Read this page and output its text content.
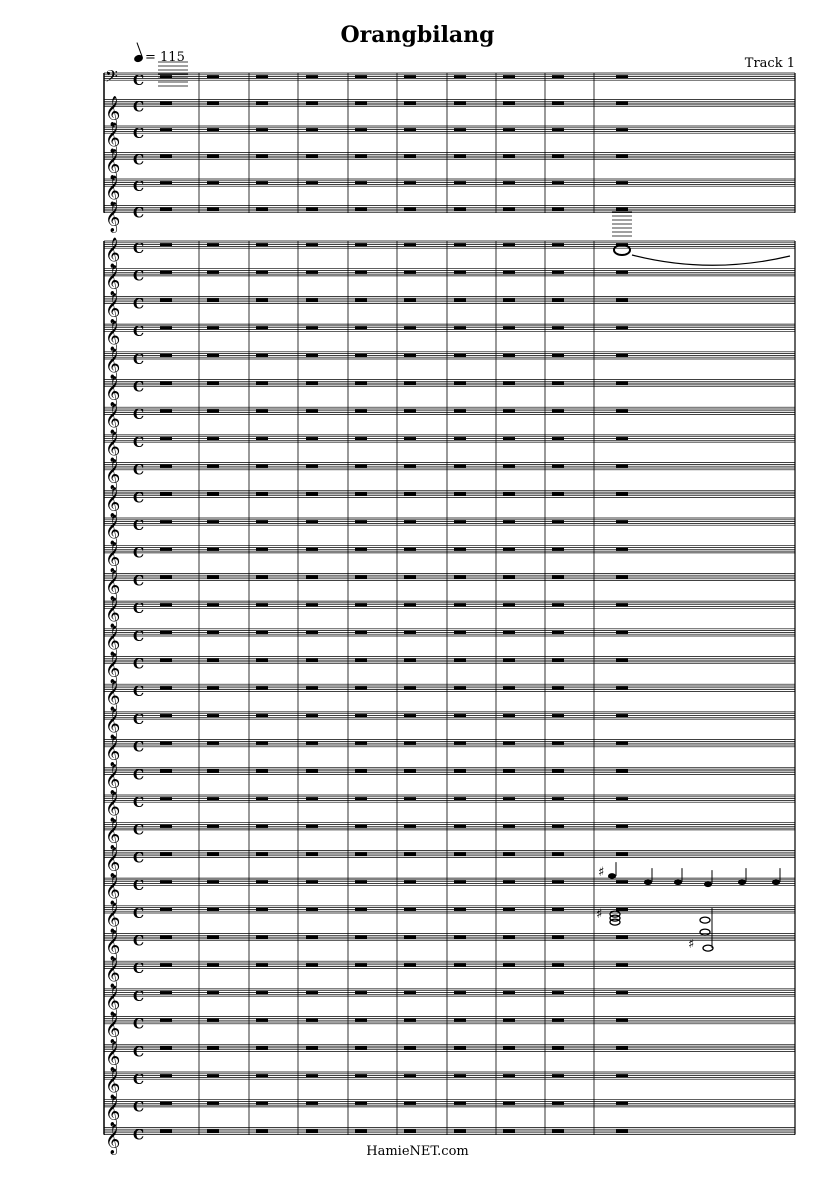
Orangbilang
Track 1
= 115
HamieNET.com
𝄢 C
𝄞 C
𝄞 C
𝄞 C
𝄞 C
𝄞 C
𝄞 C
𝄞 C
𝄞 C
𝄞 C
𝄞 C
𝄞 C
𝄞 C
𝄞 C
𝄞 C
𝄞 C
𝄞 C
𝄞 C
𝄞 C
𝄞 C
𝄞 C
𝄞 C
𝄞 C
𝄞 C
𝄞 C
𝄞 C
𝄞 C
𝄞 C
𝄞 C
𝄞 C
𝄞 C
𝄞 C
𝄞 C
𝄞 C
𝄞 C
𝄞 C
𝄞 C
𝄞 C
𝄞 C
♯
♯
♯
